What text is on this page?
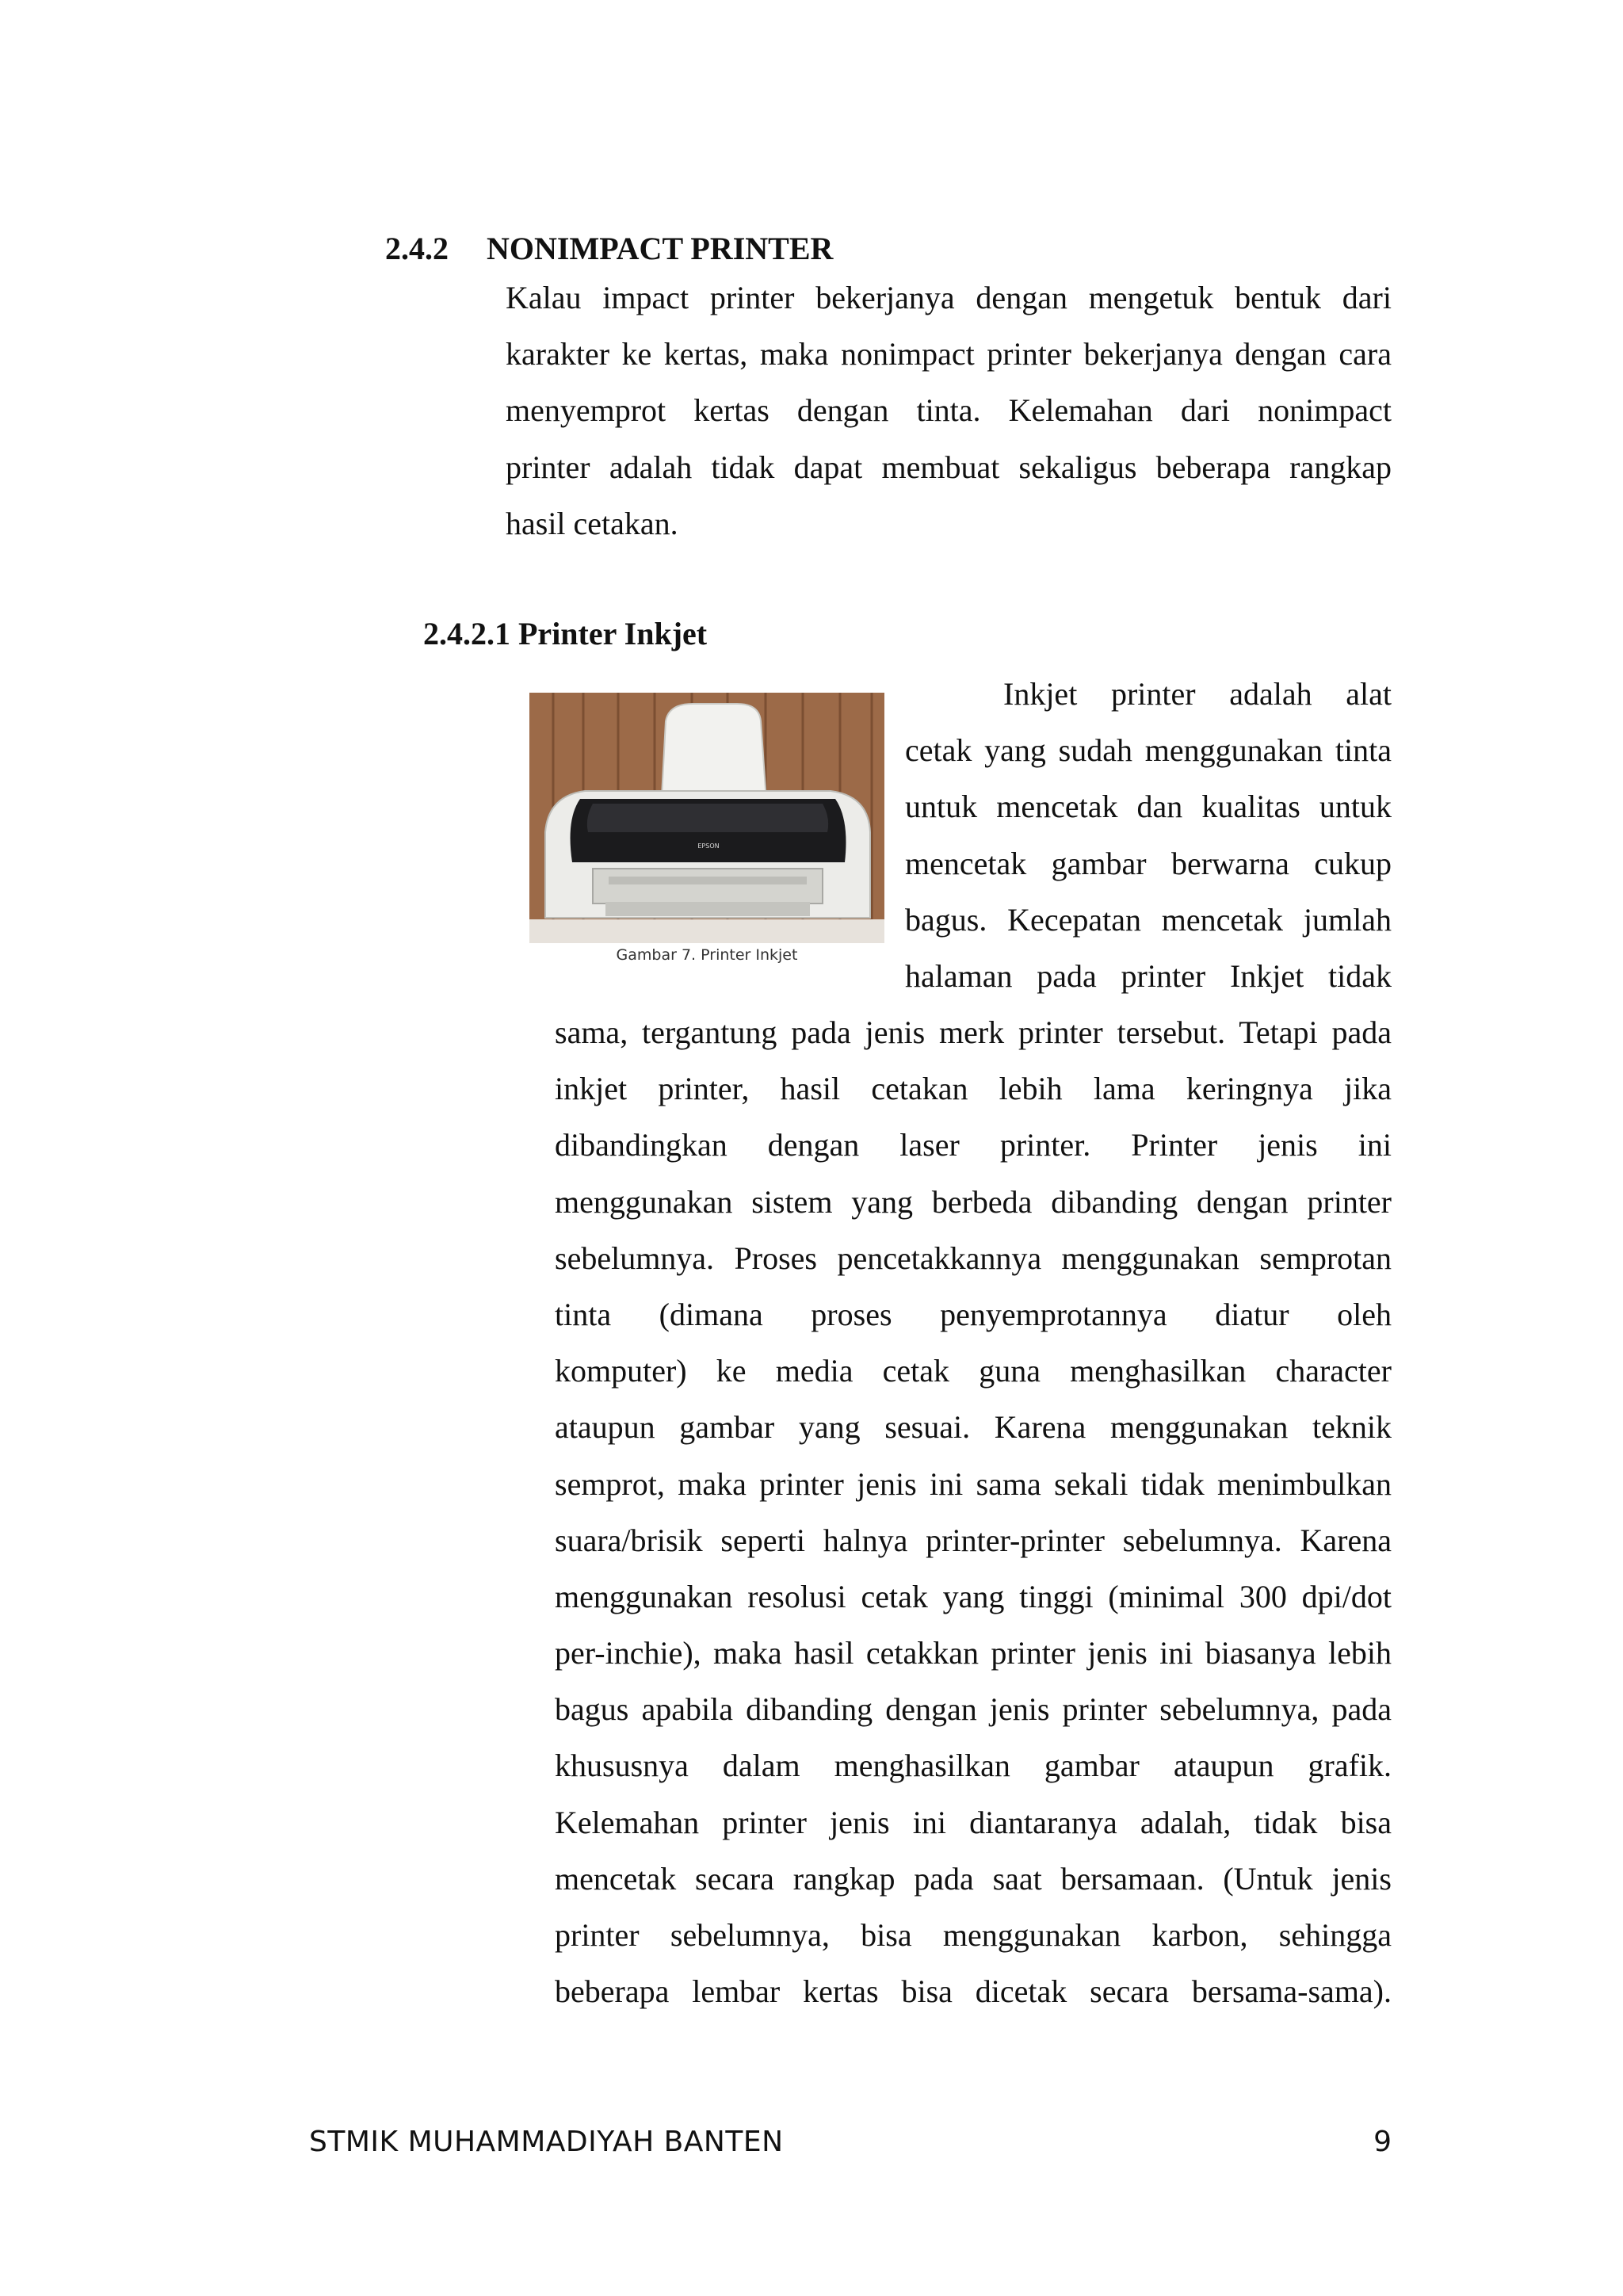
2.4.2 NONIMPACT PRINTER
Kalau impact printer bekerjanya dengan mengetuk bentuk dari
karakter ke kertas, maka nonimpact printer bekerjanya dengan cara
menyemprot kertas dengan tinta. Kelemahan dari nonimpact
printer adalah tidak dapat membuat sekaligus beberapa rangkap
hasil cetakan.
2.4.2.1 Printer Inkjet
EPSON
Gambar 7. Printer Inkjet
Inkjet printer adalah alat
cetak yang sudah menggunakan tinta
untuk mencetak dan kualitas untuk
mencetak gambar berwarna cukup
bagus. Kecepatan mencetak jumlah
halaman pada printer Inkjet tidak
sama, tergantung pada jenis merk printer tersebut. Tetapi pada
inkjet printer, hasil cetakan lebih lama keringnya jika
dibandingkan dengan laser printer. Printer jenis ini
menggunakan sistem yang berbeda dibanding dengan printer
sebelumnya. Proses pencetakkannya menggunakan semprotan
tinta (dimana proses penyemprotannya diatur oleh
komputer) ke media cetak guna menghasilkan character
ataupun gambar yang sesuai. Karena menggunakan teknik
semprot, maka printer jenis ini sama sekali tidak menimbulkan
suara/brisik seperti halnya printer-printer sebelumnya. Karena
menggunakan resolusi cetak yang tinggi (minimal 300 dpi/dot
per-inchie), maka hasil cetakkan printer jenis ini biasanya lebih
bagus apabila dibanding dengan jenis printer sebelumnya, pada
khususnya dalam menghasilkan gambar ataupun grafik.
Kelemahan printer jenis ini diantaranya adalah, tidak bisa
mencetak secara rangkap pada saat bersamaan. (Untuk jenis
printer sebelumnya, bisa menggunakan karbon, sehingga
beberapa lembar kertas bisa dicetak secara bersama-sama).
STMIK MUHAMMADIYAH BANTEN	9
